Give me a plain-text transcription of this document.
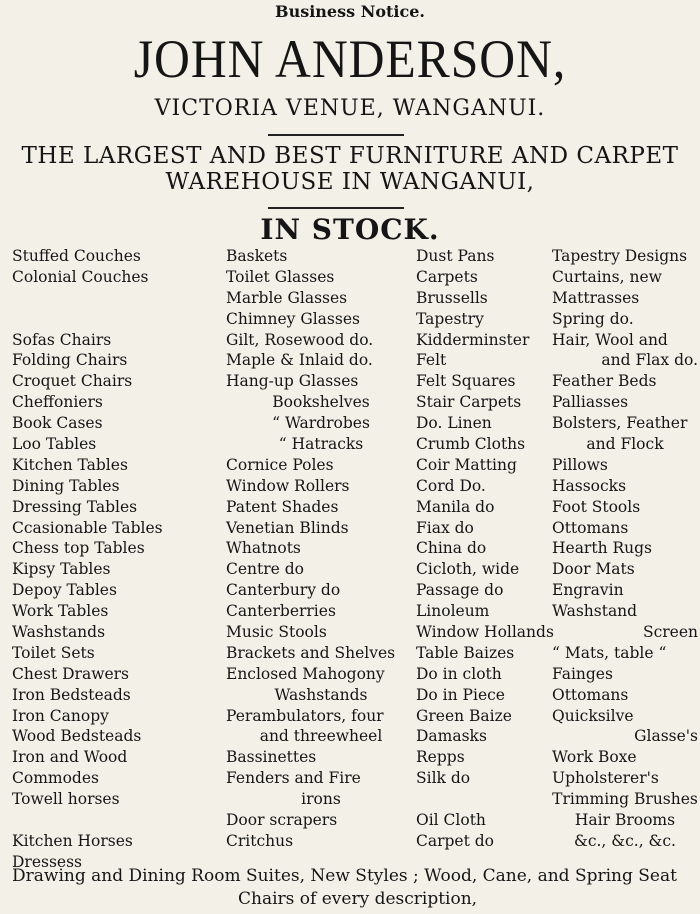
Business Notice.
JOHN ANDERSON,
VICTORIA VENUE, WANGANUI.
THE LARGEST AND BEST FURNITURE AND CARPET
WAREHOUSE IN WANGANUI,
IN STOCK.
Stuffed Couches
Colonial Couches
Sofas Chairs
Folding Chairs
Croquet Chairs
Cheffoniers
Book Cases
Loo Tables
Kitchen Tables
Dining Tables
Dressing Tables
Ccasionable Tables
Chess top Tables
Kipsy Tables
Depoy Tables
Work Tables
Washstands
Toilet Sets
Chest Drawers
Iron Bedsteads
Iron Canopy
Wood Bedsteads
Iron and Wood
Commodes
Towell horses
Kitchen Horses
Dressess
Baskets
Toilet Glasses
Marble Glasses
Chimney Glasses
Gilt, Rosewood do.
Maple & Inlaid do.
Hang-up Glasses
Bookshelves
“ Wardrobes
“ Hatracks
Cornice Poles
Window Rollers
Patent Shades
Venetian Blinds
Whatnots
Centre do
Canterbury do
Canterberries
Music Stools
Brackets and Shelves
Enclosed Mahogony
Washstands
Perambulators, four
and threewheel
Bassinettes
Fenders and Fire
irons
Door scrapers
Critchus
Dust Pans
Carpets
Brussells
Tapestry
Kidderminster
Felt
Felt Squares
Stair Carpets
Do. Linen
Crumb Cloths
Coir Matting
Cord Do.
Manila do
Fiax do
China do
Cicloth, wide
Passage do
Linoleum
Window Hollands
Table Baizes
Do in cloth
Do in Piece
Green Baize
Damasks
Repps
Silk do
Oil Cloth
Carpet do
Tapestry Designs
Curtains, new
Mattrasses
Spring do.
Hair, Wool and
and Flax do.
Feather Beds
Palliasses
Bolsters, Feather
and Flock
Pillows
Hassocks
Foot Stools
Ottomans
Hearth Rugs
Door Mats
Engravin
Washstand
Screen
“ Mats, table “
Fainges
Ottomans
Quicksilve
Glasse's
Work Boxe
Upholsterer's
Trimming Brushes
Hair Brooms
&c., &c., &c.
Drawing and Dining Room Suites, New Styles ; Wood, Cane, and Spring Seat
Chairs of every description,
